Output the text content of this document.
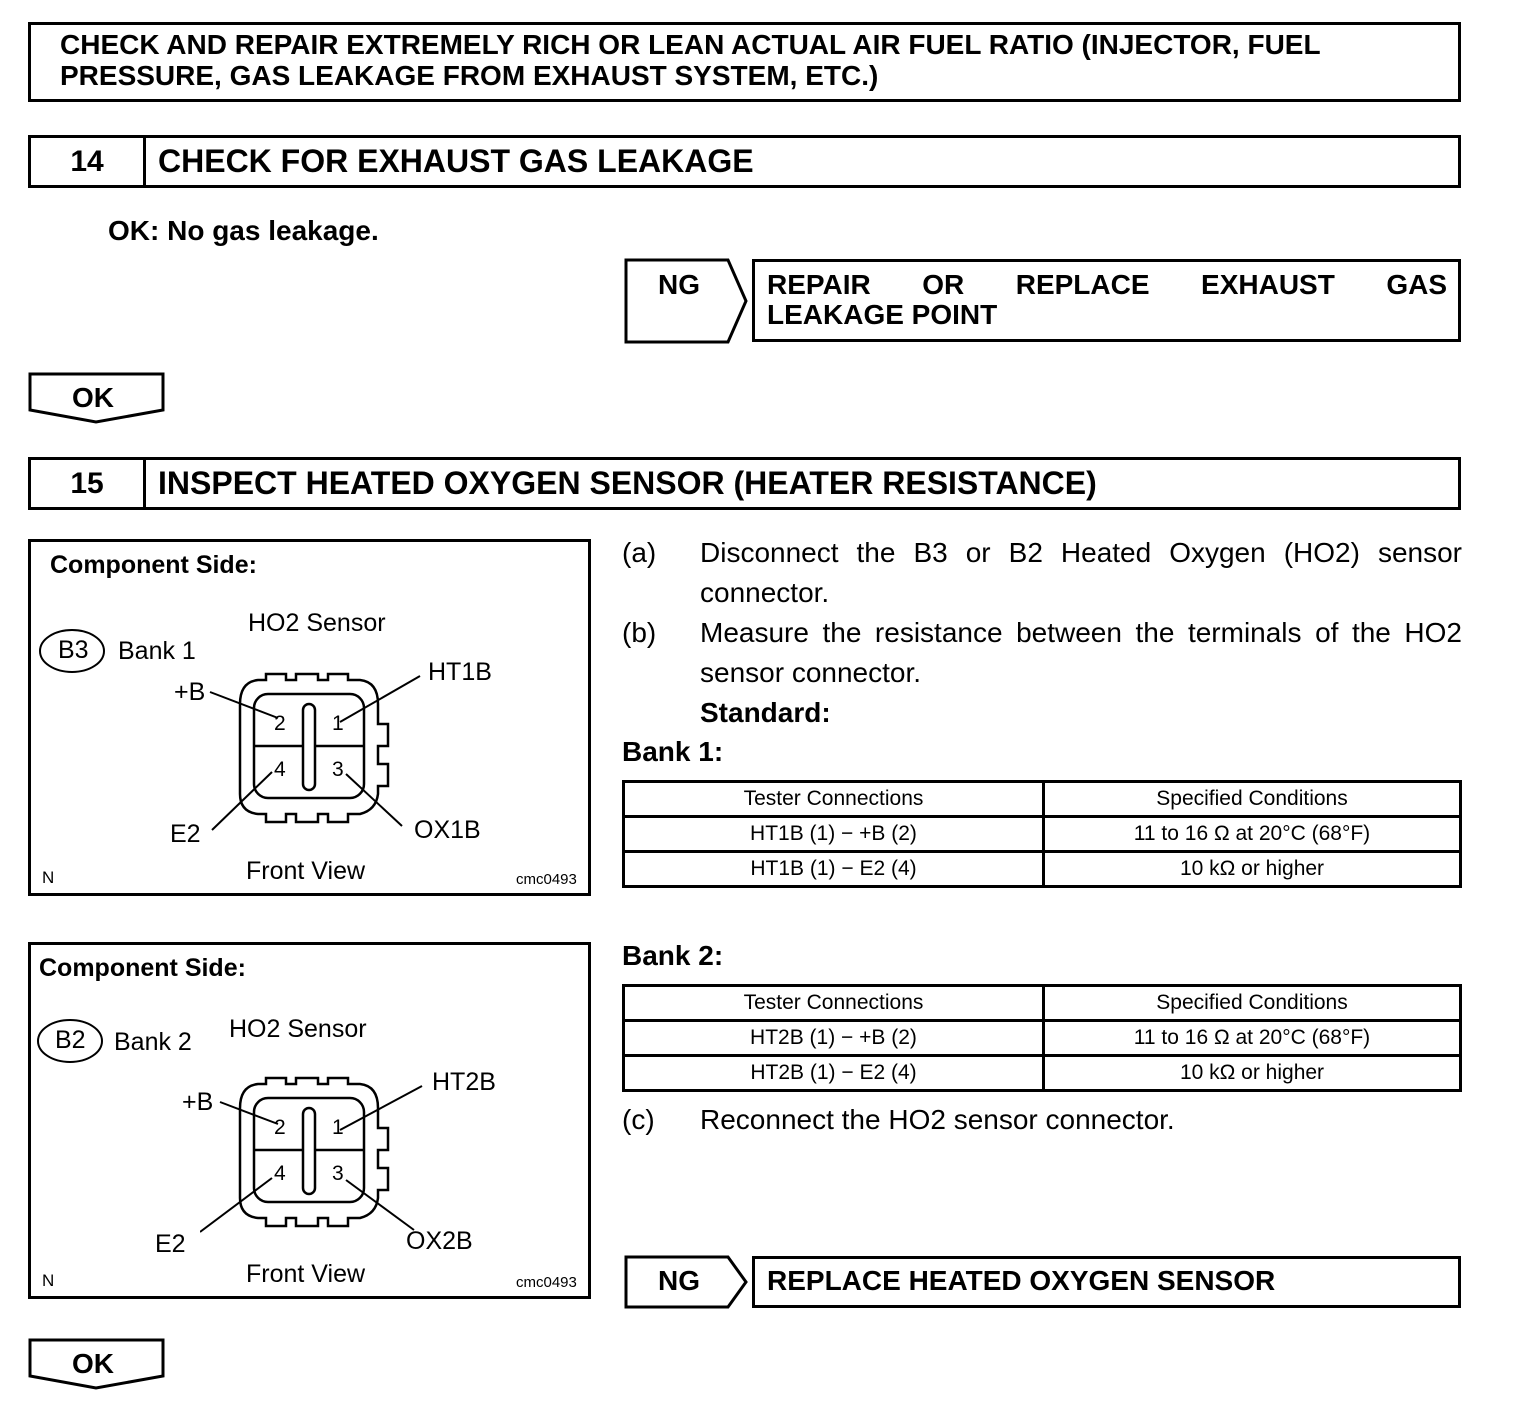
CHECK AND REPAIR EXTREMELY RICH OR LEAN ACTUAL AIR FUEL RATIO (INJECTOR, FUEL
PRESSURE, GAS LEAKAGE FROM EXHAUST SYSTEM, ETC.)
14	CHECK FOR EXHAUST GAS LEAKAGE
OK: No gas leakage.
NG REPAIR OR REPLACE EXHAUST GAS
LEAKAGE POINT
OK
15	INSPECT HEATED OXYGEN SENSOR (HEATER RESISTANCE)
Component Side:
HO2 Sensor
B3 Bank 1
+B
HT1B
E2	OX1B
2 1
4 3
Front View
N	cmc0493
Component Side:
HO2 Sensor
B2 Bank 2
+B
HT2B
E2	OX2B
2 1
4 3
Front View
N	cmc0493
(a) Disconnect the B3 or B2 Heated Oxygen (HO2) sensor
connector.
(b) Measure the resistance between the terminals of the HO2
sensor connector.
Standard:
Bank 1:
Tester Connections	Specified Conditions
HT1B (1) − +B (2)	11 to 16 Ω at 20°C (68°F)
HT1B (1) − E2 (4)	10 kΩ or higher
Bank 2:
Tester Connections	Specified Conditions
HT2B (1) − +B (2)	11 to 16 Ω at 20°C (68°F)
HT2B (1) − E2 (4)	10 kΩ or higher
(c) Reconnect the HO2 sensor connector.
NG REPLACE HEATED OXYGEN SENSOR
OK
